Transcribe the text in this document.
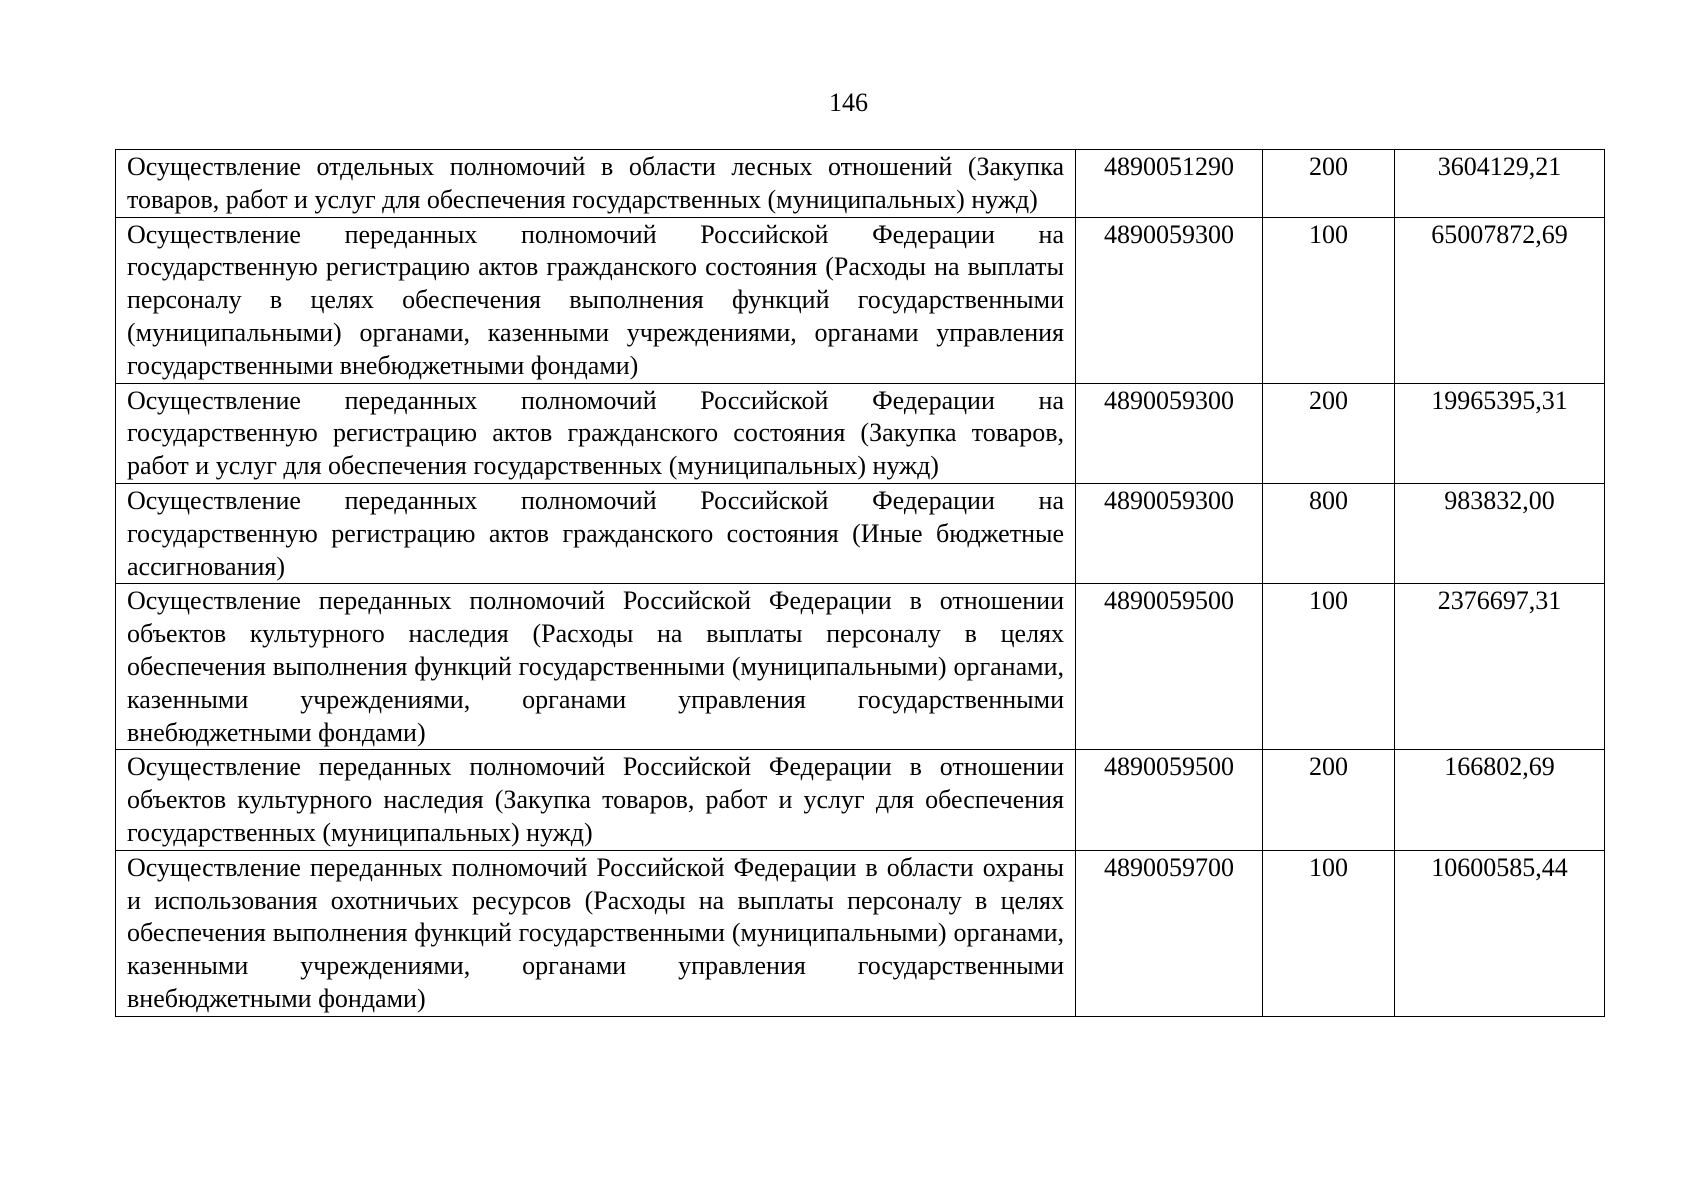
146
Осуществление отдельных полномочий в области лесных отношений (Закупка товаров, работ и услуг для обеспечения государственных (муниципальных) нужд)	4890051290	200	3604129,21
Осуществление переданных полномочий Российской Федерации на государственную регистрацию актов гражданского состояния (Расходы на выплаты персоналу в целях обеспечения выполнения функций государственными (муниципальными) органами, казенными учреждениями, органами управления государственными внебюджетными фондами)	4890059300	100	65007872,69
Осуществление переданных полномочий Российской Федерации на государственную регистрацию актов гражданского состояния (Закупка товаров, работ и услуг для обеспечения государственных (муниципальных) нужд)	4890059300	200	19965395,31
Осуществление переданных полномочий Российской Федерации на государственную регистрацию актов гражданского состояния (Иные бюджетные ассигнования)	4890059300	800	983832,00
Осуществление переданных полномочий Российской Федерации в отношении объектов культурного наследия (Расходы на выплаты персоналу в целях обеспечения выполнения функций государственными (муниципальными) органами, казенными учреждениями, органами управления государственными внебюджетными фондами)	4890059500	100	2376697,31
Осуществление переданных полномочий Российской Федерации в отношении объектов культурного наследия (Закупка товаров, работ и услуг для обеспечения государственных (муниципальных) нужд)	4890059500	200	166802,69
Осуществление переданных полномочий Российской Федерации в области охраны и использования охотничьих ресурсов (Расходы на выплаты персоналу в целях обеспечения выполнения функций государственными (муниципальными) органами, казенными учреждениями, органами управления государственными внебюджетными фондами)	4890059700	100	10600585,44
